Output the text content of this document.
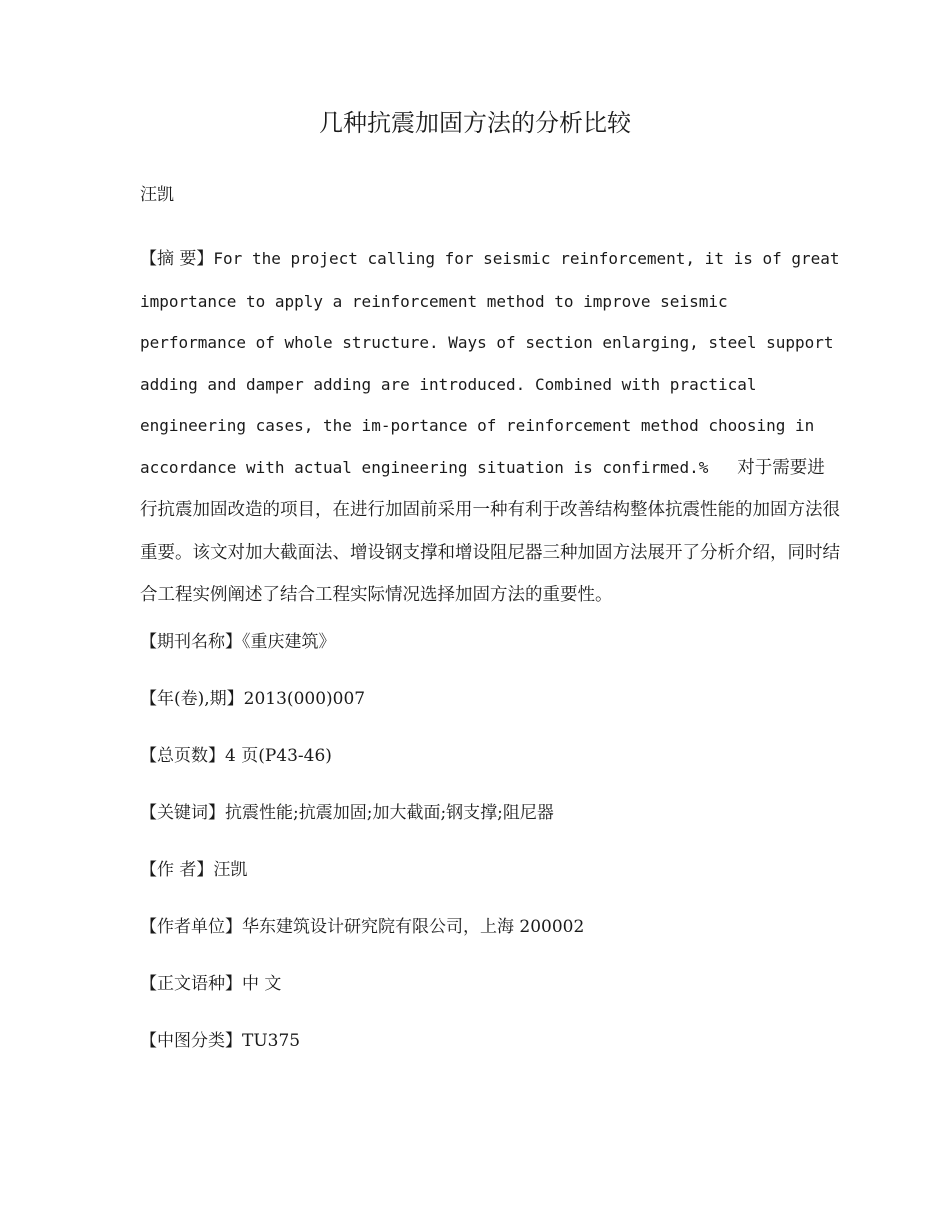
几种抗震加固方法的分析比较
汪凯
【摘 要】For the project calling for seismic reinforcement, it is of great importance to apply a reinforcement method to improve seismic performance of whole structure. Ways of section enlarging, steel support adding and damper adding are introduced. Combined with practical engineering cases, the im-portance of reinforcement method choosing in accordance with actual engineering situation is confirmed.% 对于需要进行抗震加固改造的项目，在进行加固前采用一种有利于改善结构整体抗震性能的加固方法很重要。该文对加大截面法、增设钢支撑和增设阻尼器三种加固方法展开了分析介绍，同时结合工程实例阐述了结合工程实际情况选择加固方法的重要性。
【期刊名称】《重庆建筑》
【年(卷),期】2013(000)007
【总页数】4 页(P43-46)
【关键词】抗震性能;抗震加固;加大截面;钢支撑;阻尼器
【作 者】汪凯
【作者单位】华东建筑设计研究院有限公司，上海 200002
【正文语种】中 文
【中图分类】TU375
